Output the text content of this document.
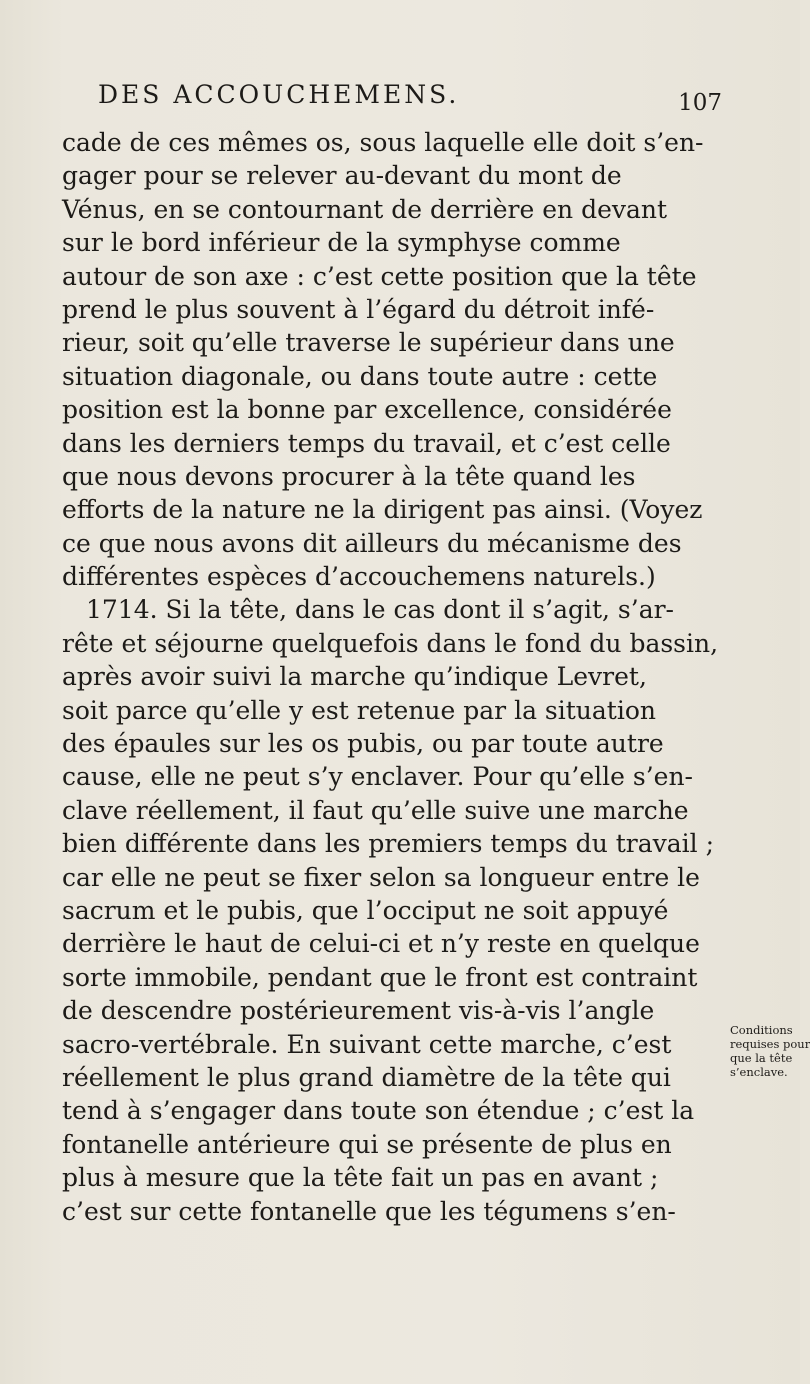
DES ACCOUCHEMENS.	107
cade de ces mêmes os, sous laquelle elle doit s’en-
gager pour se relever au-devant du mont de
Vénus, en se contournant de derrière en devant
sur le bord inférieur de la symphyse comme
autour de son axe : c’est cette position que la tête
prend le plus souvent à l’égard du détroit infé-
rieur, soit qu’elle traverse le supérieur dans une
situation diagonale, ou dans toute autre : cette
position est la bonne par excellence, considérée
dans les derniers temps du travail, et c’est celle
que nous devons procurer à la tête quand les
efforts de la nature ne la dirigent pas ainsi. (Voyez
ce que nous avons dit ailleurs du mécanisme des
différentes espèces d’accouchemens naturels.)
1714. Si la tête, dans le cas dont il s’agit, s’ar-
rête et séjourne quelquefois dans le fond du bassin,
après avoir suivi la marche qu’indique Levret,
soit parce qu’elle y est retenue par la situation
des épaules sur les os pubis, ou par toute autre
cause, elle ne peut s’y enclaver. Pour qu’elle s’en-
clave réellement, il faut qu’elle suive une marche
bien différente dans les premiers temps du travail ;
car elle ne peut se fixer selon sa longueur entre le
sacrum et le pubis, que l’occiput ne soit appuyé
derrière le haut de celui-ci et n’y reste en quelque
sorte immobile, pendant que le front est contraint
de descendre postérieurement vis-à-vis l’angle
sacro-vertébrale. En suivant cette marche, c’est
réellement le plus grand diamètre de la tête qui
tend à s’engager dans toute son étendue ; c’est la
fontanelle antérieure qui se présente de plus en
plus à mesure que la tête fait un pas en avant ;
c’est sur cette fontanelle que les tégumens s’en-
Conditions
requises pour
que la tête
s’enclave.
